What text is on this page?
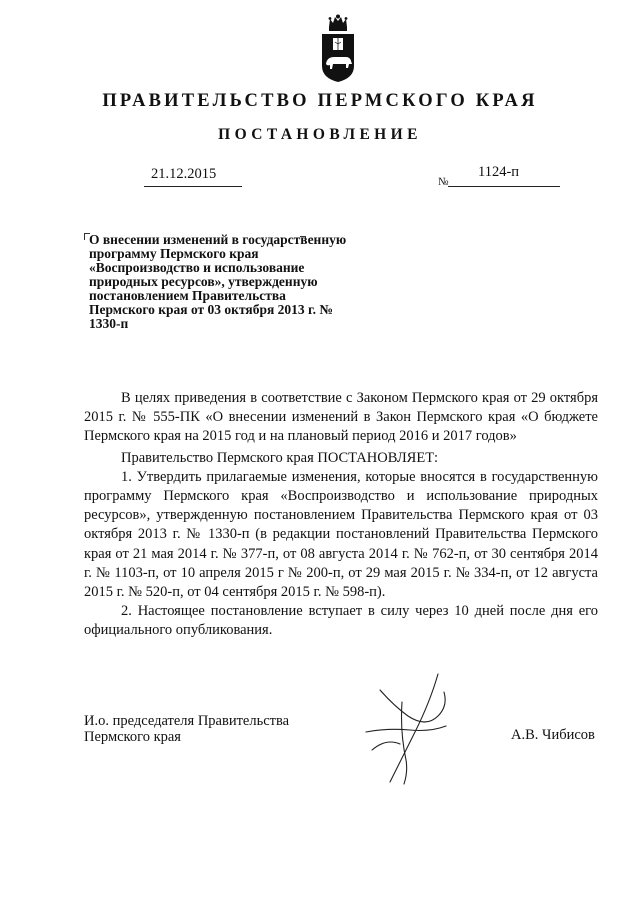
ПРАВИТЕЛЬСТВО ПЕРМСКОГО КРАЯ
ПОСТАНОВЛЕНИЕ
21.12.2015	№
1124-п
О внесении изменений в государственную программу Пермского края «Воспроизводство и использование природных ресурсов», утвержденную постановлением Правительства Пермского края от 03 октября 2013 г. № 1330-п

В целях приведения в соответствие с Законом Пермского края от 29 октября 2015 г. № 555-ПК «О внесении изменений в Закон Пермского края «О бюджете Пермского края на 2015 год и на плановый период 2016 и 2017 годов»

Правительство Пермского края ПОСТАНОВЛЯЕТ:

1. Утвердить прилагаемые изменения, которые вносятся в государственную программу Пермского края «Воспроизводство и использование природных ресурсов», утвержденную постановлением Правительства Пермского края от 03 октября 2013 г. № 1330-п (в редакции постановлений Правительства Пермского края от 21 мая 2014 г. № 377-п, от 08 августа 2014 г. № 762-п, от 30 сентября 2014 г. № 1103-п, от 10 апреля 2015 г № 200-п, от 29 мая 2015 г. № 334-п, от 12 августа 2015 г. № 520-п, от 04 сентября 2015 г. № 598-п).

2. Настоящее постановление вступает в силу через 10 дней после дня его официального опубликования.

И.о. председателя Правительства
Пермского края	А.В. Чибисов
